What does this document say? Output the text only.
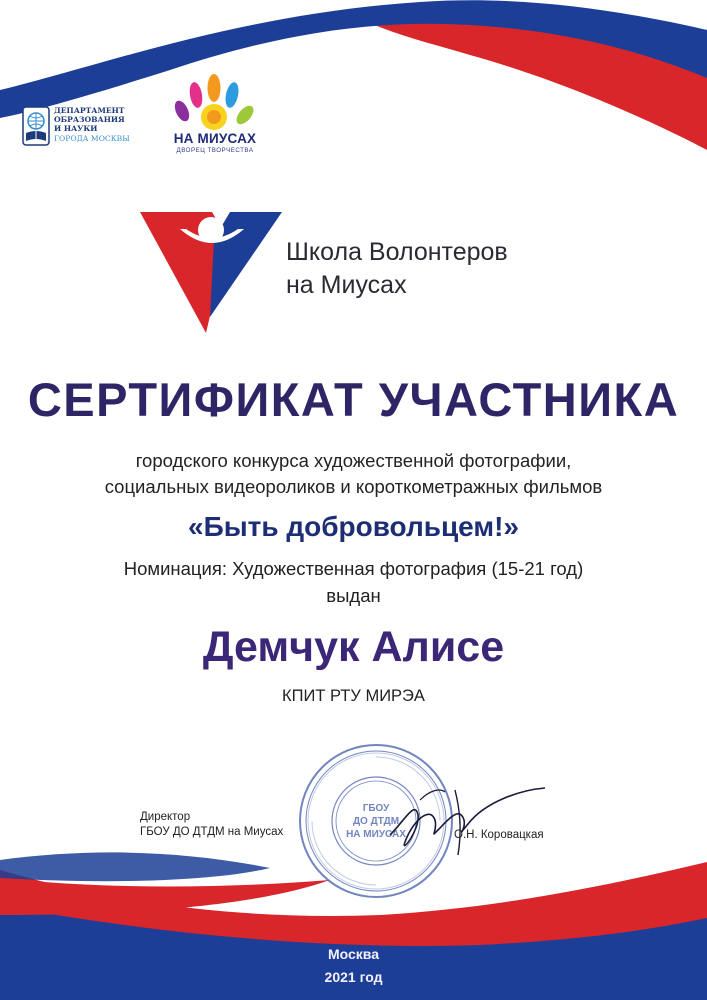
ДЕПАРТАМЕНТ
ОБРАЗОВАНИЯ
И НАУКИ
ГОРОДА МОСКВЫ	НА МИУСАХ
ДВОРЕЦ ТВОРЧЕСТВА
Школа Волонтеров
на Миусах
СЕРТИФИКАТ УЧАСТНИКА
городского конкурса художественной фотографии,
социальных видеороликов и короткометражных фильмов
«Быть добровольцем!»
Номинация: Художественная фотография (15-21 год)
выдан
Демчук Алисе
КПИТ РТУ МИРЭА
ГБОУ
ДО ДТДМ
НА МИУСАХ
Директор
ГБОУ ДО ДТДМ на Миусах	О.Н. Коровацкая
Москва
2021 год
